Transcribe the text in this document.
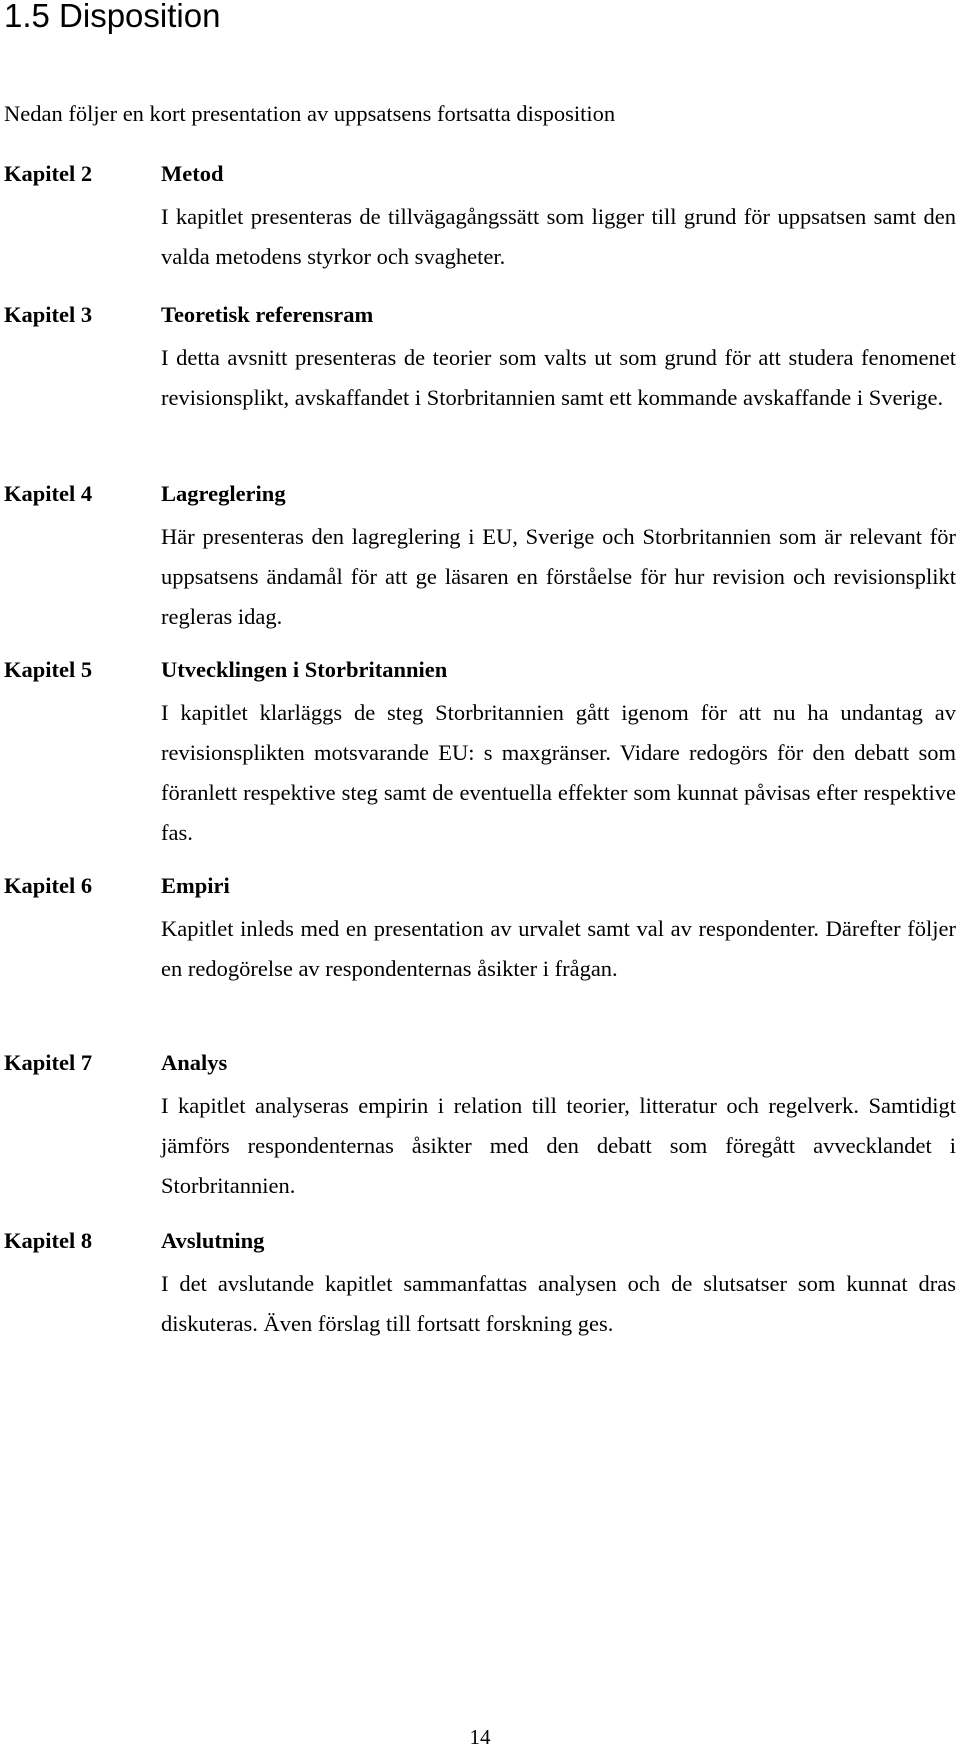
1.5 Disposition

Nedan följer en kort presentation av uppsatsens fortsatta disposition

Kapitel 2	Metod

I kapitlet presenteras de tillvägagångssätt som ligger till grund för uppsatsen samt den valda metodens styrkor och svagheter.

Kapitel 3	Teoretisk referensram

I detta avsnitt presenteras de teorier som valts ut som grund för att studera fenomenet revisionsplikt, avskaffandet i Storbritannien samt ett kommande avskaffande i Sverige.

Kapitel 4	Lagreglering

Här presenteras den lagreglering i EU, Sverige och Storbritannien som är relevant för uppsatsens ändamål för att ge läsaren en förståelse för hur revision och revisionsplikt regleras idag.

Kapitel 5	Utvecklingen i Storbritannien

I kapitlet klarläggs de steg Storbritannien gått igenom för att nu ha undantag av revisionsplikten motsvarande EU: s maxgränser. Vidare redogörs för den debatt som föranlett respektive steg samt de eventuella effekter som kunnat påvisas efter respektive fas.

Kapitel 6	Empiri

Kapitlet inleds med en presentation av urvalet samt val av respondenter. Därefter följer en redogörelse av respondenternas åsikter i frågan.

Kapitel 7	Analys

I kapitlet analyseras empirin i relation till teorier, litteratur och regelverk. Samtidigt jämförs respondenternas åsikter med den debatt som föregått avvecklandet i Storbritannien.

Kapitel 8	Avslutning

I det avslutande kapitlet sammanfattas analysen och de slutsatser som kunnat dras diskuteras. Även förslag till fortsatt forskning ges.

14
